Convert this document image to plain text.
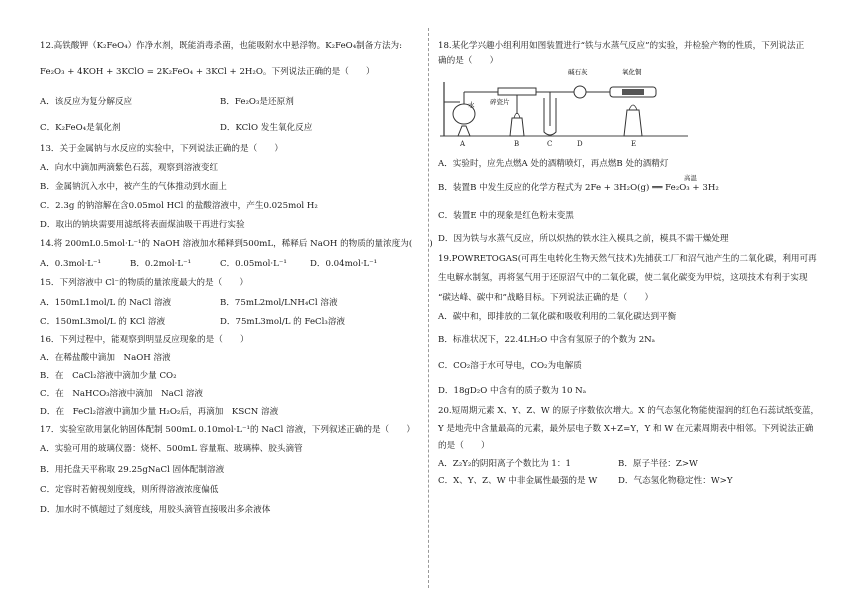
12.高铁酸钾（K₂FeO₄）作净水剂，既能消毒杀菌，也能吸附水中悬浮物。K₂FeO₄制备方法为:
Fe₂O₃ + 4KOH + 3KClO = 2K₂FeO₄ + 3KCl + 2H₂O。下列说法正确的是（　　）
A．该反应为复分解反应	B．Fe₂O₃是还原剂
C．K₂FeO₄是氧化剂	D．KClO 发生氧化反应
13．关于金属钠与水反应的实验中，下列说法正确的是（　　）
A．向水中滴加两滴紫色石蕊，观察到溶液变红
B．金属钠沉入水中，被产生的气体推动到水面上
C．2.3g 的钠溶解在含0.05mol HCl 的盐酸溶液中，产生0.025mol H₂
D．取出的钠块需要用滤纸将表面煤油吸干再进行实验
14.将 200mL0.5mol·L⁻¹的 NaOH 溶液加水稀释到500mL，稀释后 NaOH 的物质的量浓度为(　　)
A．0.3mol·L⁻¹	B．0.2mol·L⁻¹	C．0.05mol·L⁻¹	D．0.04mol·L⁻¹
15．下列溶液中 Cl⁻的物质的量浓度最大的是（　　）
A．150mL1mol/L 的 NaCl 溶液	B．75mL2mol/LNH₄Cl 溶液
C．150mL3mol/L 的 KCl 溶液	D．75mL3mol/L 的 FeCl₃溶液
16．下列过程中，能观察到明显反应现象的是（　　）
A．在稀盐酸中滴加　NaOH 溶液
B．在　CaCl₂溶液中滴加少量 CO₂
C．在　NaHCO₃溶液中滴加　NaCl 溶液
D．在　FeCl₂溶液中滴加少量 H₂O₂后，再滴加　KSCN 溶液
17．实验室欲用氯化钠固体配制 500mL 0.10mol·L⁻¹的 NaCl 溶液，下列叙述正确的是（　　）
A．实验可用的玻璃仪器：烧杯、500mL 容量瓶、玻璃棒、胶头滴管
B．用托盘天平称取 29.25gNaCl 固体配制溶液
C．定容时若俯视刻度线，则所得溶液浓度偏低
D．加水时不慎超过了刻度线，用胶头滴管直接吸出多余液体
18.某化学兴趣小组利用如图装置进行“铁与水蒸气反应”的实验，并检验产物的性质，下列说法正
确的是（　　）
水 碎瓷片
碱石灰	氧化铜
A	B	C	D	E
A．实验时，应先点燃A 处的酒精喷灯，再点燃B 处的酒精灯
B．装置B 中发生反应的化学方程式为 2Fe + 3H₂O(g) ══ Fe₂O₃ + 3H₂
高温
C．装置E 中的现象是红色粉末变黑
D．因为铁与水蒸气反应，所以炽热的铁水注入模具之前，模具不需干燥处理
19.POWRETOGAS(可再生电转化生物天然气技术)先捕获工厂和沼气池产生的二氧化碳，利用可再
生电解水制氢，再将氢气用于还原沼气中的二氧化碳，使二氧化碳变为甲烷，这项技术有利于实现
“碳达峰、碳中和”战略目标。下列说法正确的是（　　）
A．碳中和，即排放的二氧化碳和吸收利用的二氧化碳达到平衡
B．标准状况下，22.4LH₂O 中含有氢原子的个数为 2Nₐ
C．CO₂溶于水可导电，CO₂为电解质
D．18gD₂O 中含有的质子数为 10 Nₐ
20.短周期元素 X、Y、Z、W 的原子序数依次增大。X 的气态氢化物能使湿润的红色石蕊试纸变蓝，
Y 是地壳中含量最高的元素，最外层电子数 X+Z=Y，Y 和 W 在元素周期表中相邻。下列说法正确
的是（　　）
A．Z₂Y₂的阴阳离子个数比为 1：1	B．原子半径：Z>W
C．X、Y、Z、W 中非金属性最强的是 W D．气态氢化物稳定性：W>Y
